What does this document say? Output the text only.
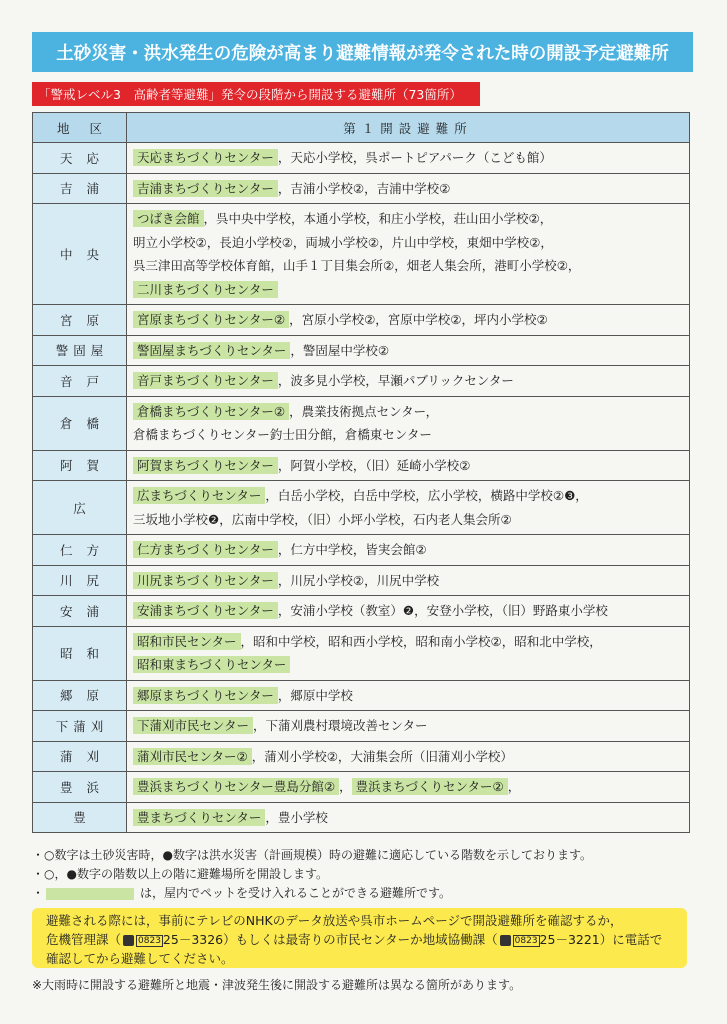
土砂災害・洪水発生の危険が高まり避難情報が発令された時の開設予定避難所
「警戒レベル3　高齢者等避難」発令の段階から開設する避難所（73箇所）
地区	第１開設避難所
天応	天応まちづくりセンター ，天応小学校，呉ポートピアパーク（こども館）

吉浦	吉浦まちづくりセンター ，吉浦小学校②，吉浦中学校②

中央	つばき会館 ，呉中央中学校，本通小学校，和庄小学校，荘山田小学校②，
明立小学校②，長迫小学校②，両城小学校②，片山中学校，東畑中学校②，
呉三津田高等学校体育館，山手１丁目集会所②，畑老人集会所，港町小学校②，
二川まちづくりセンター

宮原	宮原まちづくりセンター② ，宮原小学校②，宮原中学校②，坪内小学校②

警固屋	警固屋まちづくりセンター ，警固屋中学校②

音戸	音戸まちづくりセンター ，波多見小学校，早瀬パブリックセンター

倉橋	倉橋まちづくりセンター② ，農業技術拠点センター，
倉橋まちづくりセンター釣士田分館，倉橋東センター

阿賀	阿賀まちづくりセンター ，阿賀小学校，（旧）延崎小学校②

広	広まちづくりセンター ，白岳小学校，白岳中学校，広小学校，横路中学校②❸，
三坂地小学校❷，広南中学校，（旧）小坪小学校，石内老人集会所②

仁方	仁方まちづくりセンター ，仁方中学校，皆実会館②

川尻	川尻まちづくりセンター ，川尻小学校②，川尻中学校

安浦	安浦まちづくりセンター ，安浦小学校（教室）❷，安登小学校，（旧）野路東小学校

昭和	昭和市民センター ，昭和中学校，昭和西小学校，昭和南小学校②，昭和北中学校，
昭和東まちづくりセンター

郷原	郷原まちづくりセンター ，郷原中学校

下蒲刈	下蒲刈市民センター ，下蒲刈農村環境改善センター

蒲刈	蒲刈市民センター② ，蒲刈小学校②，大浦集会所（旧蒲刈小学校）

豊浜	豊浜まちづくりセンター豊島分館② ， 豊浜まちづくりセンター② ，

豊	豊まちづくりセンター ，豊小学校
・○数字は土砂災害時，●数字は洪水災害（計画規模）時の避難に適応している階数を示しております。
・○，●数字の階数以上の階に避難場所を開設します。
・	は，屋内でペットを受け入れることができる避難所です。
避難される際には，事前にテレビのNHKのデータ放送や呉市ホームページで開設避難所を確認するか，
危機管理課（ 0823 25－3326）もしくは最寄りの市民センターか地域協働課（ 0823 25－3221）に電話で
確認してから避難してください。
※大雨時に開設する避難所と地震・津波発生後に開設する避難所は異なる箇所があります。
